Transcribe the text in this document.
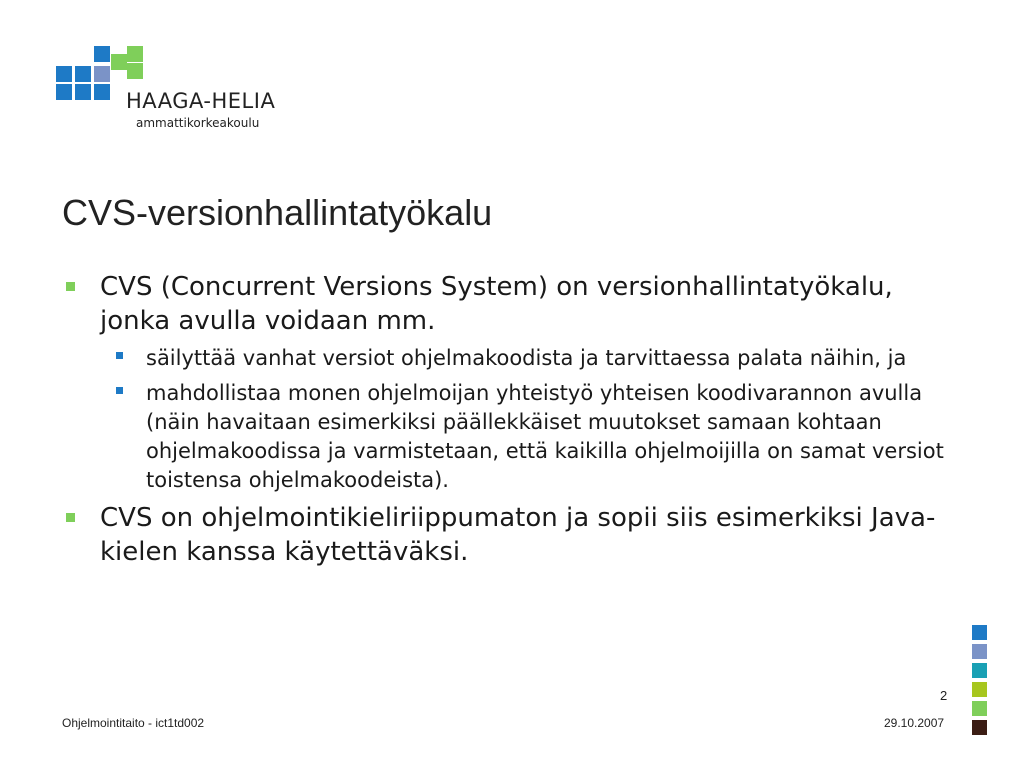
HAAGA-HELIA
ammattikorkeakoulu
CVS-versionhallintatyökalu
CVS (Concurrent Versions System) on versionhallintatyökalu, jonka avulla voidaan mm.
säilyttää vanhat versiot ohjelmakoodista ja tarvittaessa palata näihin, ja
mahdollistaa monen ohjelmoijan yhteistyö yhteisen koodivarannon avulla (näin havaitaan esimerkiksi päällekkäiset muutokset samaan kohtaan ohjelmakoodissa ja varmistetaan, että kaikilla ohjelmoijilla on samat versiot toistensa ohjelmakoodeista).
CVS on ohjelmointikieliriippumaton ja sopii siis esimerkiksi Java-kielen kanssa käytettäväksi.
2
Ohjelmointitaito - ict1td002	29.10.2007
